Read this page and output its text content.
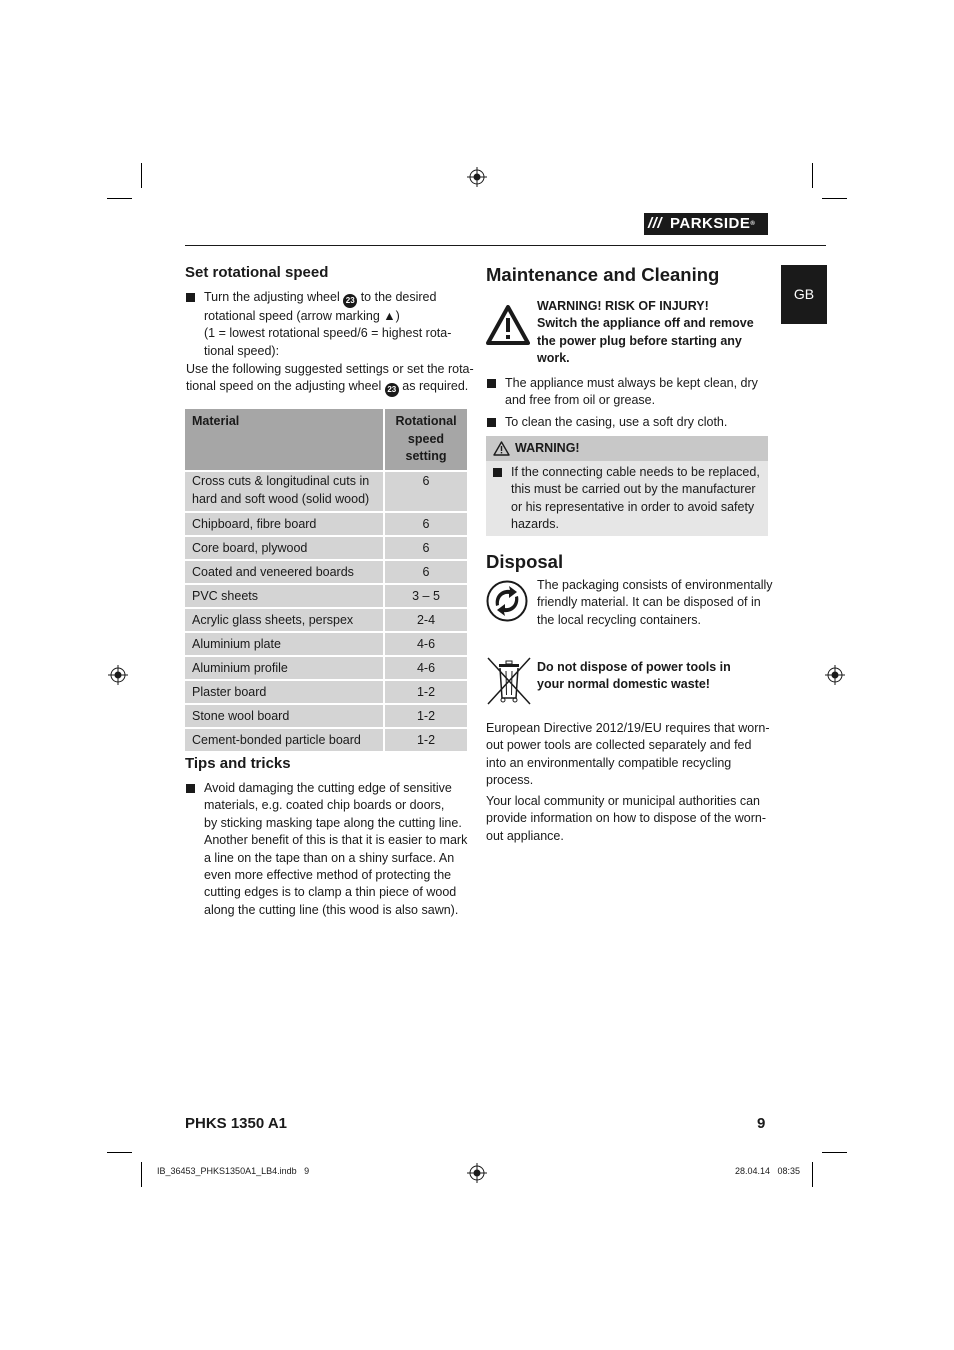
/// PARKSIDE®
GB
Set rotational speed
Turn the adjusting wheel 23 to the desired
rotational speed (arrow marking ▲)
(1 = lowest rotational speed/6 = highest rota-
tional speed):
Use the following suggested settings or set the rota-
tional speed on the adjusting wheel 23 as required.
Material	Rotational speed setting
Cross cuts & longitudinal cuts in hard and soft wood (solid wood)	6
Chipboard, fibre board	6
Core board, plywood	6
Coated and veneered boards	6
PVC sheets	3 – 5
Acrylic glass sheets, perspex	2-4
Aluminium plate	4-6
Aluminium profile	4-6
Plaster board	1-2
Stone wool board	1-2
Cement-bonded particle board	1-2
Tips and tricks
Avoid damaging the cutting edge of sensitive
materials, e.g. coated chip boards or doors,
by sticking masking tape along the cutting line.
Another benefit of this is that it is easier to mark
a line on the tape than on a shiny surface. An
even more effective method of protecting the
cutting edges is to clamp a thin piece of wood
along the cutting line (this wood is also sawn).
Maintenance and Cleaning
WARNING! RISK OF INJURY!
Switch the appliance off and remove
the power plug before starting any
work.
The appliance must always be kept clean, dry
and free from oil or grease.
To clean the casing, use a soft dry cloth.
WARNING!
If the connecting cable needs to be replaced,
this must be carried out by the manufacturer
or his representative in order to avoid safety
hazards.
Disposal
The packaging consists of environmentally
friendly material. It can be disposed of in
the local recycling containers.
Do not dispose of power tools in
your normal domestic waste!
European Directive 2012/19/EU requires that worn-
out power tools are collected separately and fed
into an environmentally compatible recycling
process.
Your local community or municipal authorities can
provide information on how to dispose of the worn-
out appliance.
PHKS 1350 A1	9
IB_36453_PHKS1350A1_LB4.indb   9	28.04.14   08:35
